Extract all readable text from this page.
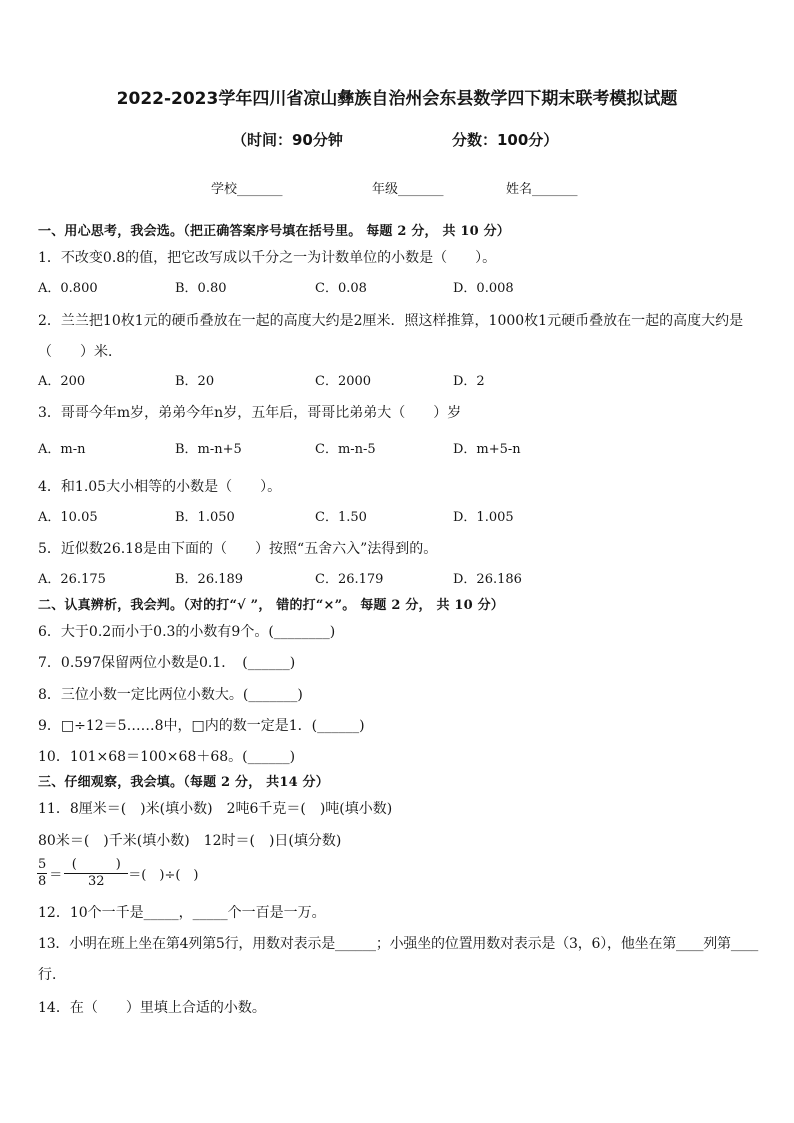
2022-2023学年四川省凉山彝族自治州会东县数学四下期末联考模拟试题
（时间：90分钟	分数：100分）
学校_______	年级_______	姓名_______
一、用心思考，我会选。（把正确答案序号填在括号里。 每题 2 分， 共 10 分）
1．不改变0.8的值，把它改写成以千分之一为计数单位的小数是（　　）。
A．0.800	B．0.80	C．0.08	D．0.008
2．兰兰把10枚1元的硬币叠放在一起的高度大约是2厘米．照这样推算，1000枚1元硬币叠放在一起的高度大约是
（　　）米．
A．200	B．20	C．2000	D．2
3．哥哥今年m岁，弟弟今年n岁，五年后，哥哥比弟弟大（　　）岁
A．m-n	B．m-n+5	C．m-n-5	D．m+5-n
4．和1.05大小相等的小数是（　　）。
A．10.05	B．1.050	C．1.50	D．1.005
5．近似数26.18是由下面的（　　）按照“五舍六入”法得到的。
A．26.175	B．26.189	C．26.179	D．26.186
二、认真辨析，我会判。（对的打“√ ”， 错的打“×”。 每题 2 分， 共 10 分）
6．大于0.2而小于0.3的小数有9个。(________)
7．0.597保留两位小数是0.1．　(______)
8．三位小数一定比两位小数大。(_______)
9．□÷12＝5……8中，□内的数一定是1．(______)
10．101×68＝100×68＋68。(______)
三、仔细观察，我会填。（每题 2 分， 共14 分）
11．8厘米＝(　)米(填小数)　2吨6千克＝(　)吨(填小数)
80米＝(　)千米(填小数)　12时＝(　)日(填分数)
$\frac{5}{8} = \frac{( )}{32}$ ＝(　)÷(　)
12．10个一千是_____，_____个一百是一万。
13．小明在班上坐在第4列第5行，用数对表示是______；小强坐的位置用数对表示是（3，6），他坐在第____列第____
行．
14．在（　　）里填上合适的小数。
